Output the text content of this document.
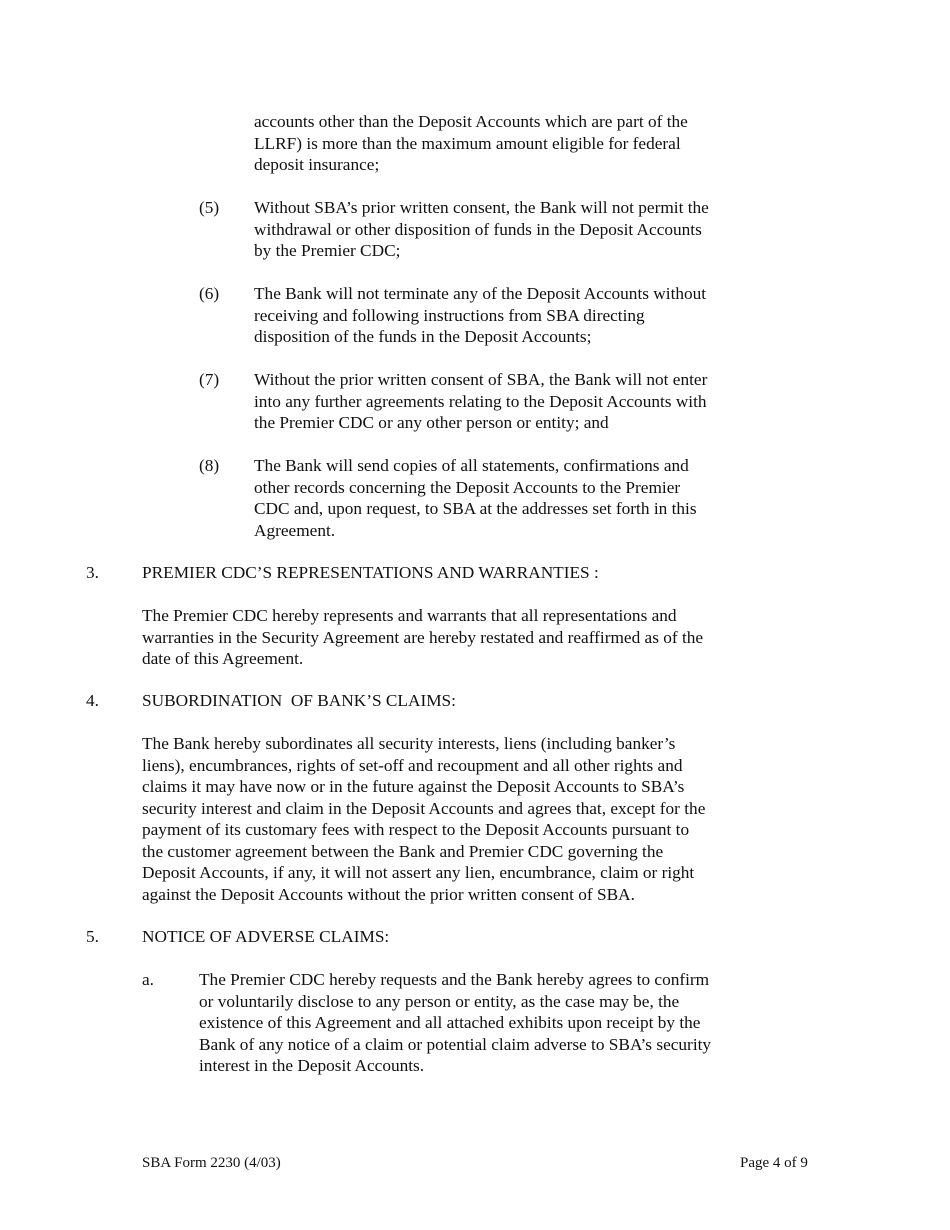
accounts other than the Deposit Accounts which are part of the
LLRF) is more than the maximum amount eligible for federal
deposit insurance;

(5) Without SBA’s prior written consent, the Bank will not permit the
withdrawal or other disposition of funds in the Deposit Accounts
by the Premier CDC;

(6) The Bank will not terminate any of the Deposit Accounts without
receiving and following instructions from SBA directing
disposition of the funds in the Deposit Accounts;

(7) Without the prior written consent of SBA, the Bank will not enter
into any further agreements relating to the Deposit Accounts with
the Premier CDC or any other person or entity; and

(8) The Bank will send copies of all statements, confirmations and
other records concerning the Deposit Accounts to the Premier
CDC and, upon request, to SBA at the addresses set forth in this
Agreement.

3. PREMIER CDC’S REPRESENTATIONS AND WARRANTIES :

The Premier CDC hereby represents and warrants that all representations and
warranties in the Security Agreement are hereby restated and reaffirmed as of the
date of this Agreement.

4. SUBORDINATION  OF BANK’S CLAIMS:

The Bank hereby subordinates all security interests, liens (including banker’s
liens), encumbrances, rights of set-off and recoupment and all other rights and
claims it may have now or in the future against the Deposit Accounts to SBA’s
security interest and claim in the Deposit Accounts and agrees that, except for the
payment of its customary fees with respect to the Deposit Accounts pursuant to
the customer agreement between the Bank and Premier CDC governing the
Deposit Accounts, if any, it will not assert any lien, encumbrance, claim or right
against the Deposit Accounts without the prior written consent of SBA.

5. NOTICE OF ADVERSE CLAIMS:
a.	The Premier CDC hereby requests and the Bank hereby agrees to confirm
or voluntarily disclose to any person or entity, as the case may be, the
existence of this Agreement and all attached exhibits upon receipt by the
Bank of any notice of a claim or potential claim adverse to SBA’s security
interest in the Deposit Accounts.

SBA Form 2230 (4/03)	Page 4 of 9
